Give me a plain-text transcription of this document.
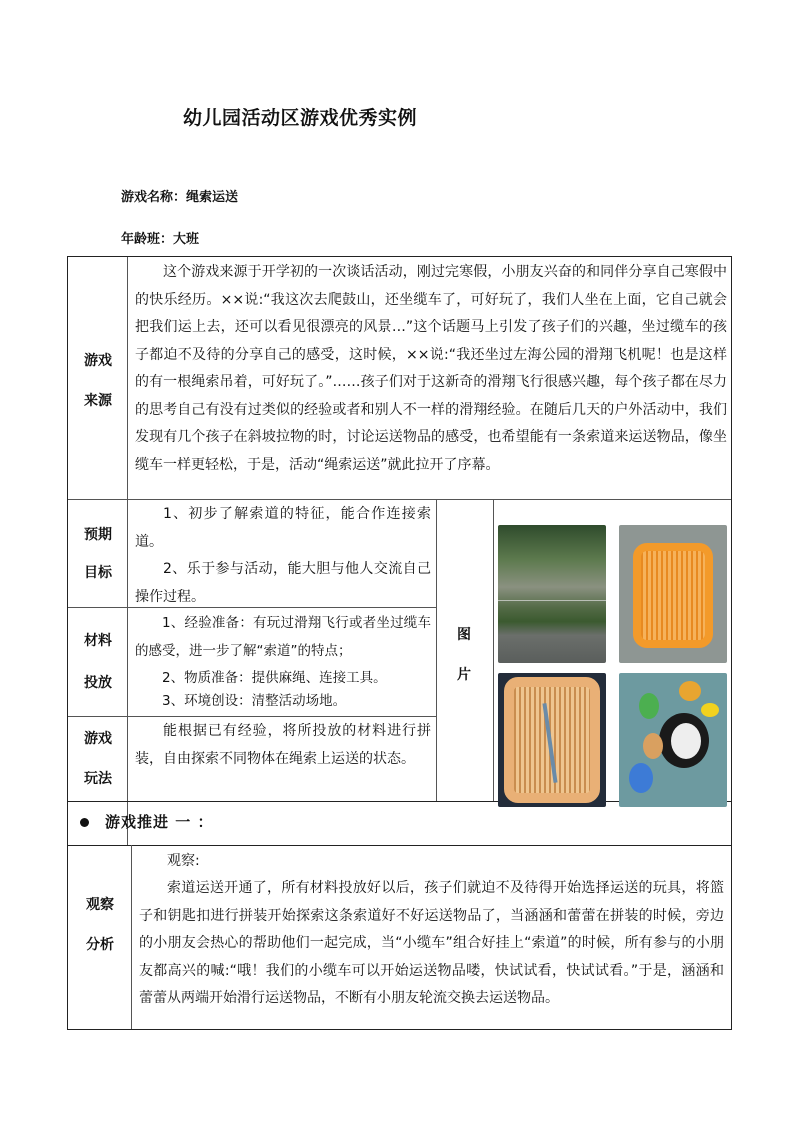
幼儿园活动区游戏优秀实例
游戏名称：绳索运送
年龄班：大班
游戏
来源
这个游戏来源于开学初的一次谈话活动，刚过完寒假，小朋友兴奋的和同伴分享自己寒假中的快乐经历。××说:“我这次去爬鼓山，还坐缆车了，可好玩了，我们人坐在上面，它自己就会把我们运上去，还可以看见很漂亮的风景…”这个话题马上引发了孩子们的兴趣，坐过缆车的孩子都迫不及待的分享自己的感受，这时候，××说:“我还坐过左海公园的滑翔飞机呢！也是这样的有一根绳索吊着，可好玩了。”……孩子们对于这新奇的滑翔飞行很感兴趣，每个孩子都在尽力的思考自己有没有过类似的经验或者和别人不一样的滑翔经验。在随后几天的户外活动中，我们发现有几个孩子在斜坡拉物的时，讨论运送物品的感受，也希望能有一条索道来运送物品，像坐缆车一样更轻松，于是，活动“绳索运送”就此拉开了序幕。
预期
目标
1、初步了解索道的特征，能合作连接索道。
2、乐于参与活动，能大胆与他人交流自己操作过程。
材料
投放
1、经验准备：有玩过滑翔飞行或者坐过缆车的感受，进一步了解“索道”的特点；
2、物质准备：提供麻绳、连接工具。
3、环境创设：清整活动场地。
游戏
玩法
能根据已有经验，将所投放的材料进行拼装，自由探索不同物体在绳索上运送的状态。
图
片
游戏推进 一 ：
观察
分析
观察:
索道运送开通了，所有材料投放好以后，孩子们就迫不及待得开始选择运送的玩具，将篮子和钥匙扣进行拼装开始探索这条索道好不好运送物品了，当涵涵和蕾蕾在拼装的时候，旁边的小朋友会热心的帮助他们一起完成，当“小缆车”组合好挂上“索道”的时候，所有参与的小朋友都高兴的喊:“哦！我们的小缆车可以开始运送物品喽，快试试看，快试试看。”于是，涵涵和蕾蕾从两端开始滑行运送物品，不断有小朋友轮流交换去运送物品。
